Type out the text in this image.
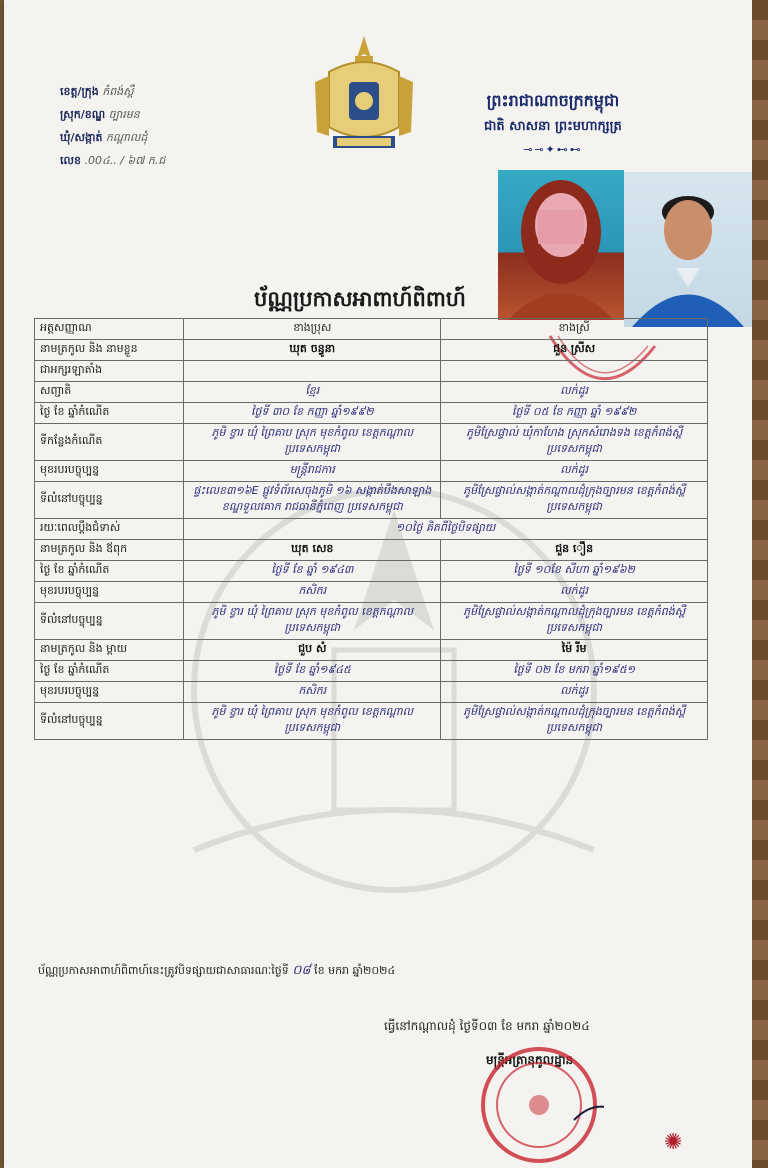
ខេត្ត/ក្រុង កំពង់ស្ពឺ
ស្រុក/ខណ្ឌ ច្បារមន
ឃុំ/សង្កាត់ កណ្ដាលដុំ
លេខ .00៤.. / ៦៧ ក.ជ
ព្រះរាជាណាចក្រកម្ពុជា
ជាតិ សាសនា ព្រះមហាក្សត្រ
⊸⊸✦⊷⊷
ប័ណ្ណប្រកាសអាពាហ៍ពិពាហ៍
អត្តសញ្ញាណ	ខាងប្រុស	ខាងស្រី
នាមត្រកូល និង នាមខ្លួន	ឃុត ចន្ធូនា	ជួន ស្រីស
ជាអក្សរឡាតាំង		
សញ្ជាតិ	ខ្មែរ	លក់ដូរ
ថ្ងៃ ខែ ឆ្នាំកំណើត	ថ្ងៃទី ៣០ ខែ កញ្ញា ឆ្នាំ១៩៩២	ថ្ងៃទី ០៥ ខែ កញ្ញា ឆ្នាំ ១៩៩២
ទីកន្លែងកំណើត	ភូមិ ខ្វារ ឃុំ ព្រៃគាប ស្រុក មុខកំពូល ខេត្តកណ្ដាល ប្រទេសកម្ពុជា	ភូមិស្រែផ្ទាល់ ឃុំកាហែង ស្រុកសំរោងទង ខេត្តកំពង់ស្ពឺ ប្រទេសកម្ពុជា
មុខរបរបច្ចុប្បន្ន	មន្ត្រីរាជការ	លក់ដូរ
ទីលំនៅបច្ចុប្បន្ន	ផ្ទះលេខ៣១៦E ផ្លូវទំព័រសេចុងភូមិ ១៦ សង្កាត់បឹងសាឡាង ខណ្ឌទួលគោក រាជធានីភ្នំពេញ ប្រទេសកម្ពុជា	ភូមិស្រែផ្ទាល់សង្កាត់កណ្ដាលដុំក្រុងច្បារមន ខេត្តកំពង់ស្ពឺប្រទេសកម្ពុជា
រយៈពេលប្ដឹងជំទាស់	១០ថ្ងៃ គិតពីថ្ងៃបិទផ្សាយ	
នាមត្រកូល និង ឪពុក	ឃុត សេខ	ជួន ឿន
ថ្ងៃ ខែ ឆ្នាំកំណើត	ថ្ងៃទី ខែ ឆ្នាំ ១៩៤៣	ថ្ងៃទី ១០ខែ សីហា ឆ្នាំ១៩៦២
មុខរបរបច្ចុប្បន្ន	កសិករ	លក់ដូរ
ទីលំនៅបច្ចុប្បន្ន	ភូមិ ខ្វារ ឃុំ ព្រៃគាប ស្រុក មុខកំពូល ខេត្តកណ្ដាល ប្រទេសកម្ពុជា	ភូមិស្រែផ្ទាល់សង្កាត់កណ្ដាលដុំក្រុងច្បារមន ខេត្តកំពង់ស្ពឺប្រទេសកម្ពុជា
នាមត្រកូល និង ម្ដាយ	ជួប សំ	ម៉ៃ រីម
ថ្ងៃ ខែ ឆ្នាំកំណើត	ថ្ងៃទី ខែ ឆ្នាំ១៩៤៥	ថ្ងៃទី ០២ ខែ មករា ឆ្នាំ១៩៥១
មុខរបរបច្ចុប្បន្ន	កសិករ	លក់ដូរ
ទីលំនៅបច្ចុប្បន្ន	ភូមិ ខ្វារ ឃុំ ព្រៃគាប ស្រុក មុខកំពូល ខេត្តកណ្ដាល ប្រទេសកម្ពុជា	ភូមិស្រែផ្ទាល់សង្កាត់កណ្ដាលដុំក្រុងច្បារមន ខេត្តកំពង់ស្ពឺប្រទេសកម្ពុជា
ប័ណ្ណប្រកាសអាពាហ៍ពិពាហ៍នេះត្រូវបិទផ្សាយជាសាធារណៈថ្ងៃទី ០៨ ខែ មករា ឆ្នាំ២០២៤
ធ្វើនៅកណ្ដាលដុំ ថ្ងៃទី០៣ ខែ មករា ឆ្នាំ២០២៤
មន្ត្រីអត្រានុកូលដ្ឋាន
✺
